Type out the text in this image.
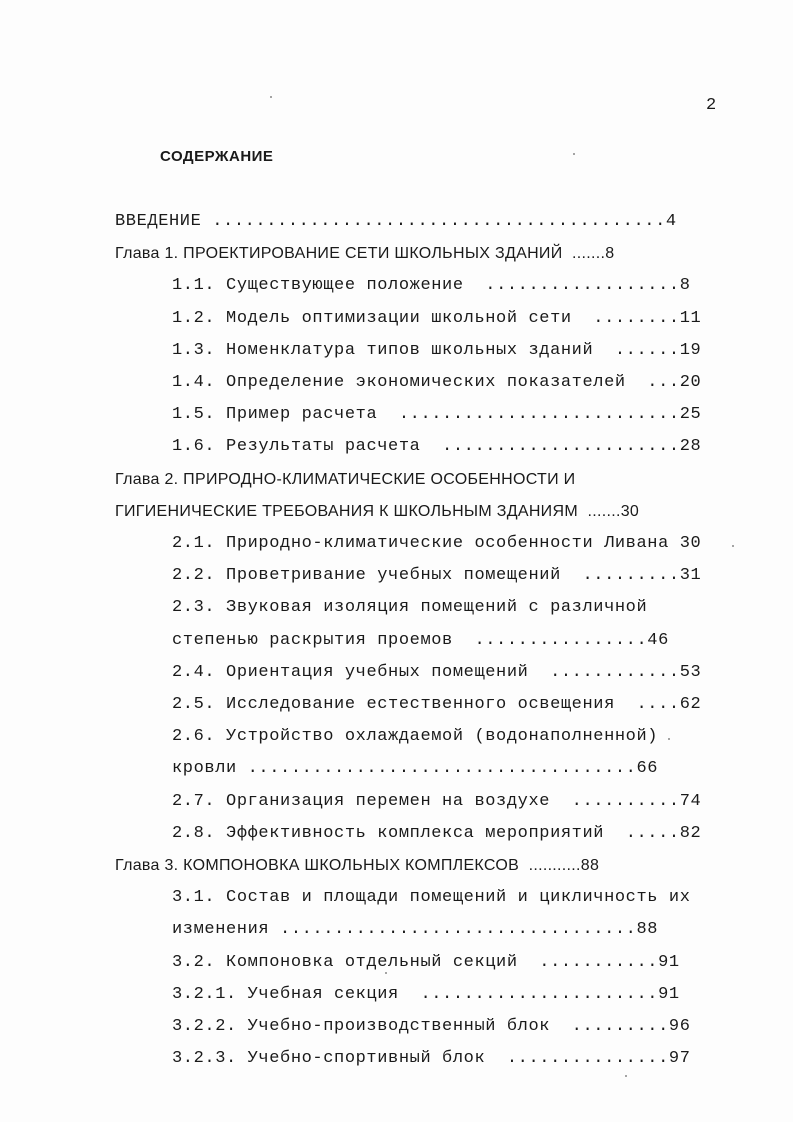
2
СОДЕРЖАНИЕ
ВВЕДЕНИЕ ..........................................4
Глава 1. ПРОЕКТИРОВАНИЕ СЕТИ ШКОЛЬНЫХ ЗДАНИЙ  .......8
1.1. Существующее положение  ..................8
1.2. Модель оптимизации школьной сети  ........11
1.3. Номенклатура типов школьных зданий  ......19
1.4. Определение экономических показателей  ...20
1.5. Пример расчета  ..........................25
1.6. Результаты расчета  ......................28
Глава 2. ПРИРОДНО-КЛИМАТИЧЕСКИЕ ОСОБЕННОСТИ И
ГИГИЕНИЧЕСКИЕ ТРЕБОВАНИЯ К ШКОЛЬНЫМ ЗДАНИЯМ  .......30
2.1. Природно-климатические особенности Ливана 30
2.2. Проветривание учебных помещений  .........31
2.3. Звуковая изоляция помещений с различной
степенью раскрытия проемов  ................46
2.4. Ориентация учебных помещений  ............53
2.5. Исследование естественного освещения  ....62
2.6. Устройство охлаждаемой (водонаполненной)
кровли ....................................66
2.7. Организация перемен на воздухе  ..........74
2.8. Эффективность комплекса мероприятий  .....82
Глава 3. КОМПОНОВКА ШКОЛЬНЫХ КОМПЛЕКСОВ  ...........88
3.1. Состав и площади помещений и цикличность их
изменения .................................88
3.2. Компоновка отдельный секций  ...........91
3.2.1. Учебная секция  ......................91
3.2.2. Учебно-производственный блок  .........96
3.2.3. Учебно-спортивный блок  ...............97
